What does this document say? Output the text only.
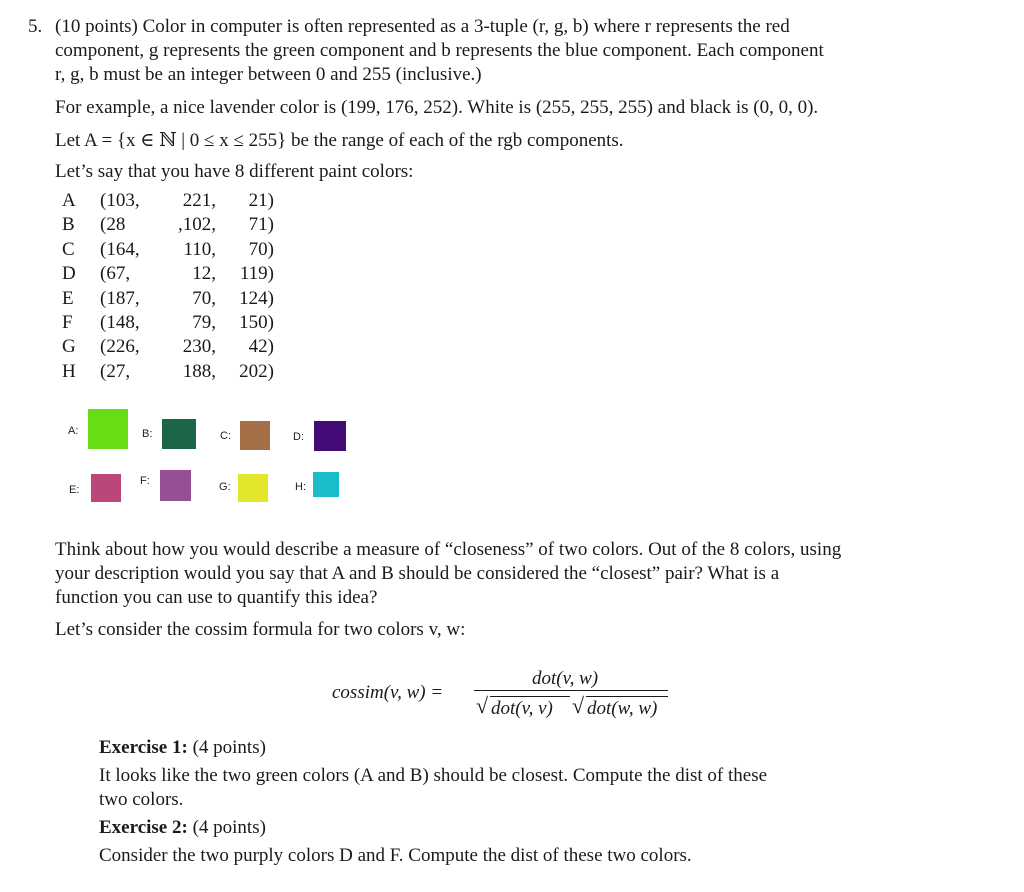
5. (10 points) Color in computer is often represented as a 3-tuple (r, g, b) where r represents the red
component, g represents the green component and b represents the blue component. Each component
r, g, b must be an integer between 0 and 255 (inclusive.)
For example, a nice lavender color is (199, 176, 252). White is (255, 255, 255) and black is (0, 0, 0).
Let A = {x ∈ ℕ | 0 ≤ x ≤ 255} be the range of each of the rgb components.
Let’s say that you have 8 different paint colors:
A	(103,	221,	21)
B	(28	,102,	71)
C	(164,	110,	70)
D	(67,	12,	119)
E	(187,	70,	124)
F	(148,	79,	150)
G	(226,	230,	42)
H	(27,	188,	202)
A:	B:	C:	D:
E:
F:	G:	H:
Think about how you would describe a measure of “closeness” of two colors. Out of the 8 colors, using
your description would you say that A and B should be considered the “closest” pair? What is a
function you can use to quantify this idea?
Let’s consider the cossim formula for two colors v, w:
cossim(v, w) =
dot(v, w)
√ dot(v, v) √ dot(w, w)
Exercise 1: (4 points)
It looks like the two green colors (A and B) should be closest. Compute the dist of these
two colors.
Exercise 2: (4 points)
Consider the two purply colors D and F. Compute the dist of these two colors.
